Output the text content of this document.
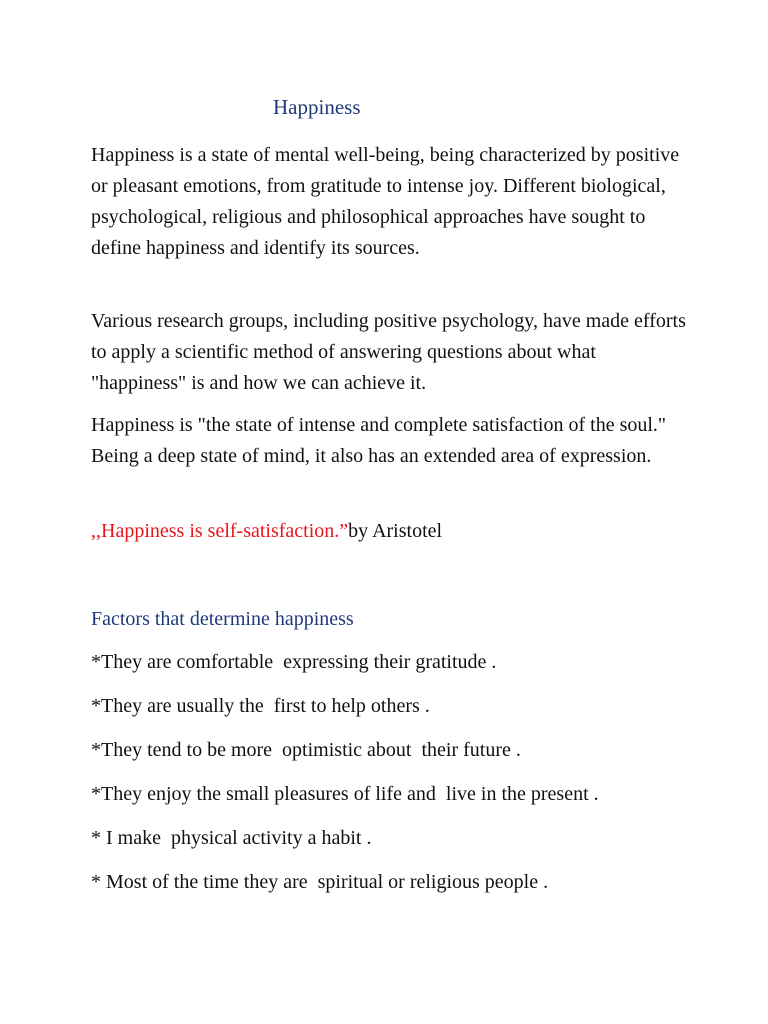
Happiness

Happiness is a state of mental well-being, being characterized by positive or pleasant emotions, from gratitude to intense joy. Different biological, psychological, religious and philosophical approaches have sought to define happiness and identify its sources.

Various research groups, including positive psychology, have made efforts to apply a scientific method of answering questions about what "happiness" is and how we can achieve it.

Happiness is "the state of intense and complete satisfaction of the soul." Being a deep state of mind, it also has an extended area of expression.

,,Happiness is self-satisfaction.”by Aristotel

Factors that determine happiness

*They are comfortable  expressing their gratitude .

*They are usually the  first to help others .

*They tend to be more  optimistic about  their future .

*They enjoy the small pleasures of life and  live in the present .

* I make  physical activity a habit .

* Most of the time they are  spiritual or religious people .
